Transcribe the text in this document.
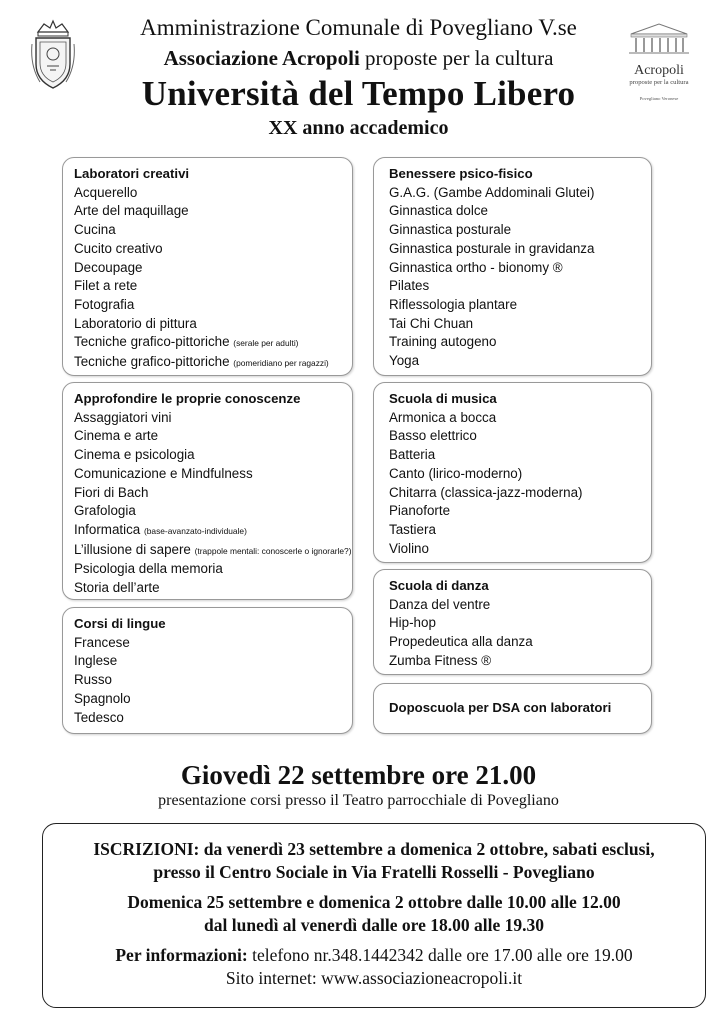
Acropoli
proposte per la cultura
Povegliano Veronese
Amministrazione Comunale di Povegliano V.se
Associazione Acropoli proposte per la cultura
Università del Tempo Libero
XX anno accademico
Laboratori creativi
Acquerello
Arte del maquillage
Cucina
Cucito creativo
Decoupage
Filet a rete
Fotografia
Laboratorio di pittura
Tecniche grafico-pittoriche (serale per adulti)
Tecniche grafico-pittoriche (pomeridiano per ragazzi)
Approfondire le proprie conoscenze
Assaggiatori vini
Cinema e arte
Cinema e psicologia
Comunicazione e Mindfulness
Fiori di Bach
Grafologia
Informatica (base-avanzato-individuale)
L’illusione di sapere (trappole mentali: conoscerle o ignorarle?)
Psicologia della memoria
Storia dell’arte
Corsi di lingue
Francese
Inglese
Russo
Spagnolo
Tedesco
Benessere psico-fisico
G.A.G. (Gambe Addominali Glutei)
Ginnastica dolce
Ginnastica posturale
Ginnastica posturale in gravidanza
Ginnastica ortho - bionomy ®
Pilates
Riflessologia plantare
Tai Chi Chuan
Training autogeno
Yoga
Scuola di musica
Armonica a bocca
Basso elettrico
Batteria
Canto (lirico-moderno)
Chitarra (classica-jazz-moderna)
Pianoforte
Tastiera
Violino
Scuola di danza
Danza del ventre
Hip-hop
Propedeutica alla danza
Zumba Fitness ®
Doposcuola per DSA con laboratori
Giovedì 22 settembre ore 21.00
presentazione corsi presso il Teatro parrocchiale di Povegliano
ISCRIZIONI: da venerdì 23 settembre a domenica 2 ottobre, sabati esclusi,
presso il Centro Sociale in Via Fratelli Rosselli - Povegliano
Domenica 25 settembre e domenica 2 ottobre dalle 10.00 alle 12.00
dal lunedì al venerdì dalle ore 18.00 alle 19.30
Per informazioni: telefono nr.348.1442342 dalle ore 17.00 alle ore 19.00
Sito internet: www.associazioneacropoli.it
